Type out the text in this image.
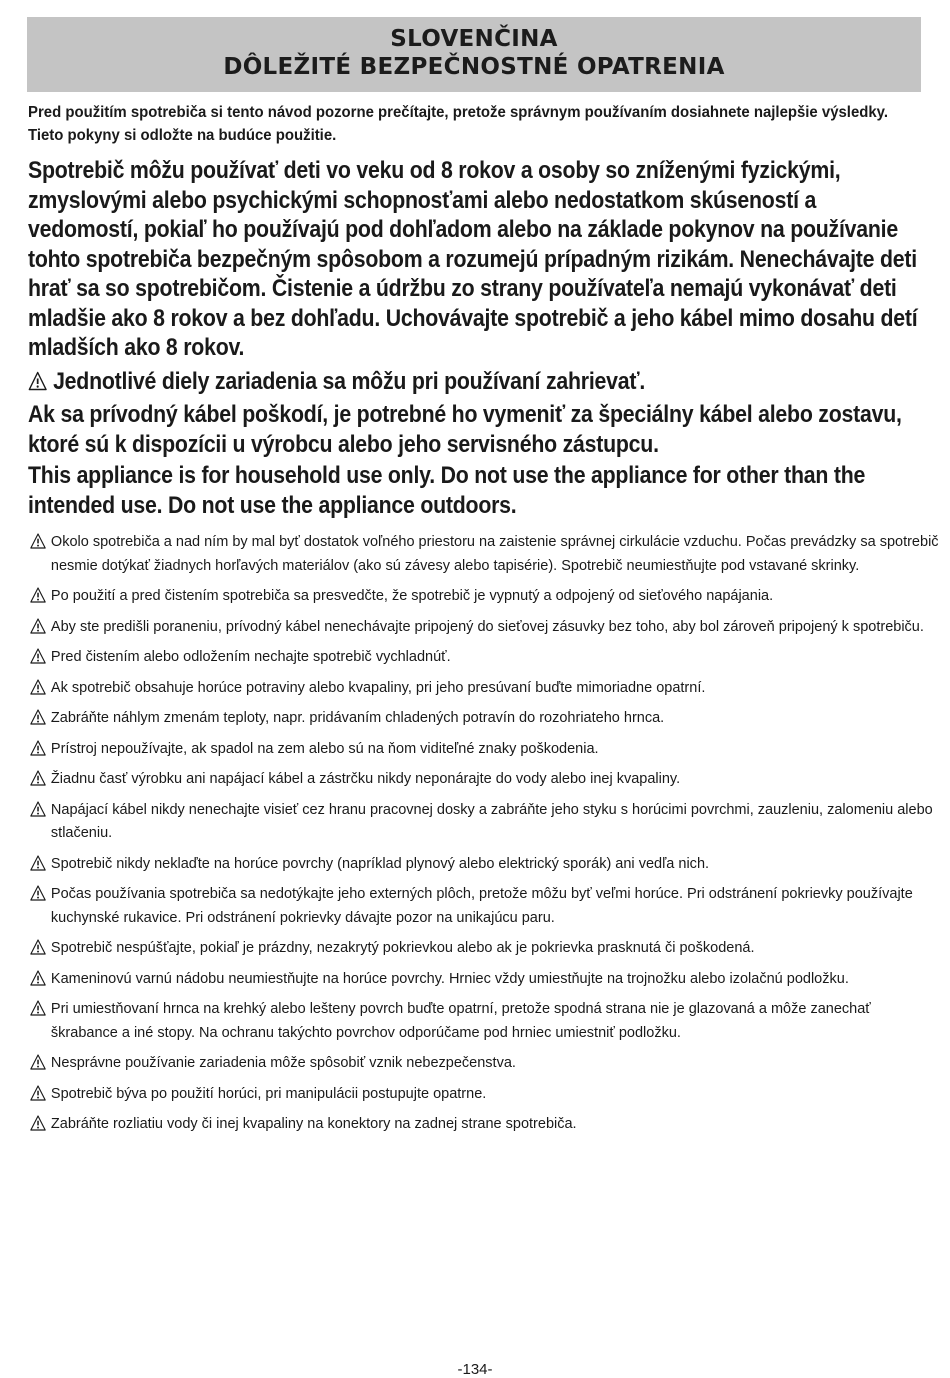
SLOVENČINA
DÔLEŽITÉ BEZPEČNOSTNÉ OPATRENIA

Pred použitím spotrebiča si tento návod pozorne prečítajte, pretože správnym používaním dosiahnete najlepšie výsledky. Tieto pokyny si odložte na budúce použitie.

Spotrebič môžu používať deti vo veku od 8 rokov a osoby so zníženými fyzickými, zmyslovými alebo psychickými schopnosťami alebo nedostatkom skúseností a vedomostí, pokiaľ ho používajú pod dohľadom alebo na základe pokynov na používanie tohto spotrebiča bezpečným spôsobom a rozumejú prípadným rizikám. Nenechávajte deti hrať sa so spotrebičom. Čistenie a údržbu zo strany používateľa nemajú vykonávať deti mladšie ako 8 rokov a bez dohľadu. Uchovávajte spotrebič a jeho kábel mimo dosahu detí mladších ako 8 rokov.

Jednotlivé diely zariadenia sa môžu pri používaní zahrievať.

Ak sa prívodný kábel poškodí, je potrebné ho vymeniť za špeciálny kábel alebo zostavu, ktoré sú k dispozícii u výrobcu alebo jeho servisného zástupcu.

This appliance is for household use only. Do not use the appliance for other than the intended use. Do not use the appliance outdoors.

Okolo spotrebiča a nad ním by mal byť dostatok voľného priestoru na zaistenie správnej cirkulácie vzduchu. Počas prevádzky sa spotrebič nesmie dotýkať žiadnych horľavých materiálov (ako sú závesy alebo tapisérie). Spotrebič neumiestňujte pod vstavané skrinky.
Po použití a pred čistením spotrebiča sa presvedčte, že spotrebič je vypnutý a odpojený od sieťového napájania.
Aby ste predišli poraneniu, prívodný kábel nenechávajte pripojený do sieťovej zásuvky bez toho, aby bol zároveň pripojený k spotrebiču.
Pred čistením alebo odložením nechajte spotrebič vychladnúť.
Ak spotrebič obsahuje horúce potraviny alebo kvapaliny, pri jeho presúvaní buďte mimoriadne opatrní.
Zabráňte náhlym zmenám teploty, napr. pridávaním chladených potravín do rozohriateho hrnca.
Prístroj nepoužívajte, ak spadol na zem alebo sú na ňom viditeľné znaky poškodenia.
Žiadnu časť výrobku ani napájací kábel a zástrčku nikdy neponárajte do vody alebo inej kvapaliny.
Napájací kábel nikdy nenechajte visieť cez hranu pracovnej dosky a zabráňte jeho styku s horúcimi povrchmi, zauzleniu, zalomeniu alebo stlačeniu.
Spotrebič nikdy neklaďte na horúce povrchy (napríklad plynový alebo elektrický sporák) ani vedľa nich.
Počas používania spotrebiča sa nedotýkajte jeho externých plôch, pretože môžu byť veľmi horúce. Pri odstránení pokrievky používajte kuchynské rukavice. Pri odstránení pokrievky dávajte pozor na unikajúcu paru.
Spotrebič nespúšťajte, pokiaľ je prázdny, nezakrytý pokrievkou alebo ak je pokrievka prasknutá či poškodená.
Kameninovú varnú nádobu neumiestňujte na horúce povrchy. Hrniec vždy umiestňujte na trojnožku alebo izolačnú podložku.
Pri umiestňovaní hrnca na krehký alebo lešteny povrch buďte opatrní, pretože spodná strana nie je glazovaná a môže zanechať škrabance a iné stopy. Na ochranu takýchto povrchov odporúčame pod hrniec umiestniť podložku.
Nesprávne používanie zariadenia môže spôsobiť vznik nebezpečenstva.
Spotrebič býva po použití horúci, pri manipulácii postupujte opatrne.
Zabráňte rozliatiu vody či inej kvapaliny na konektory na zadnej strane spotrebiča.
-134-
